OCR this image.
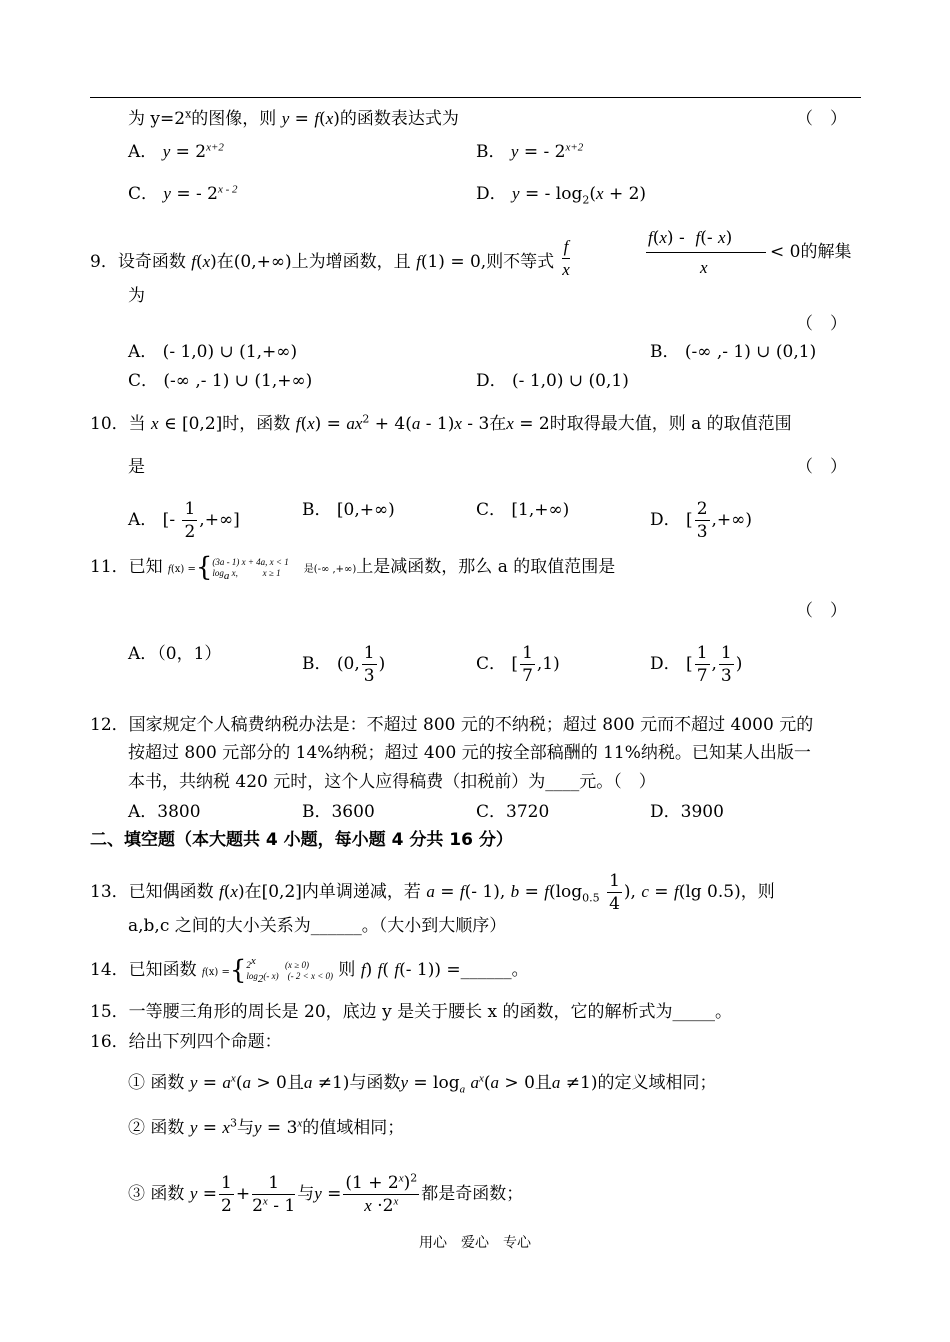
为 $y=2^x$的图像，则 y = f(x)的函数表达式为	（　）
A． $y = 2^{x+2}$	B． y = - $2^{x+2}$
C． y = - 2$^{x - 2}$	D． y = - $\log_2(x + 2)$
9．设奇函数 f(x)在(0,+∞)上为增函数，且 f(1) = 0,则不等式 $\frac{f}{x}$	f(x) -  f(- x)
x
< 0的解集
为
（　）
A． (- 1,0) ∪ (1,+∞)	B． (-∞ ,- 1) ∪ (0,1)
C． (-∞ ,- 1) ∪ (1,+∞)	D． (- 1,0) ∪ (0,1)
10．当 x ∈ [0,2]时，函数 $f(x) = ax^2 + 4(a - 1)x - 3$在x = 2时取得最大值，则 a 的取值范围
是	（　）
A． [- $\frac{1}{2}$ ,+∞]	B． [0,+∞)	C． [1,+∞)	D． [ $\frac{2}{3}$ ,+∞)
11．已知 f(x) ={(3a - 1) x + 4a, x < 1
$\log_a x$,           x ≥ 1    是(-∞ ,+∞)上是减函数，那么 a 的取值范围是
（　）
A．（0，1）	B． (0, $\frac{1}{3}$ )	C． [ $\frac{1}{7} ,1$)	D． [ $\frac{1}{7}$ , $\frac{1}{3}$ )
12．国家规定个人稿费纳税办法是：不超过 800 元的不纳税；超过 800 元而不超过 4000 元的
按超过 800 元部分的 14%纳税；超过 400 元的按全部稿酬的 11%纳税。已知某人出版一
本书，共纳税 420 元时，这个人应得稿费（扣税前）为____元。（　）
A．3800	B．3600	C．3720	D．3900
二、填空题（本大题共 4 小题，每小题 4 分共 16 分）
13．已知偶函数 f(x)在[0,2]内单调递减，若 a = f(- 1), $b = f(\log_{0.5} \frac{1}{4}$ ), c = f(lg 0.5)，则
a,b,c 之间的大小关系为______。（大小到大顺序）
14．已知函数 $f(x) =\{2^x$             (x ≥ 0)
$\log_2(-$ x)    (- 2 < x < 0) 则 f) f( f(- 1)) =______。
15．一等腰三角形的周长是 20，底边 y 是关于腰长 x 的函数，它的解析式为_____。
16．给出下列四个命题：
① 函数 $y = a^x(a > 0$且a ≠1)与函数$y = \log_a a^x(a > 0$且a ≠1)的定义域相同；
② 函数 $y = x^3$与$y = 3^x$的值域相同；
③ 函数 $y = \frac{1}{2} + \frac{1}{2^x - 1}$ 与$y = \frac{(1 + 2^x)^2}{x \cdot 2^x}$ 都是奇函数；
用心　爱心　专心
